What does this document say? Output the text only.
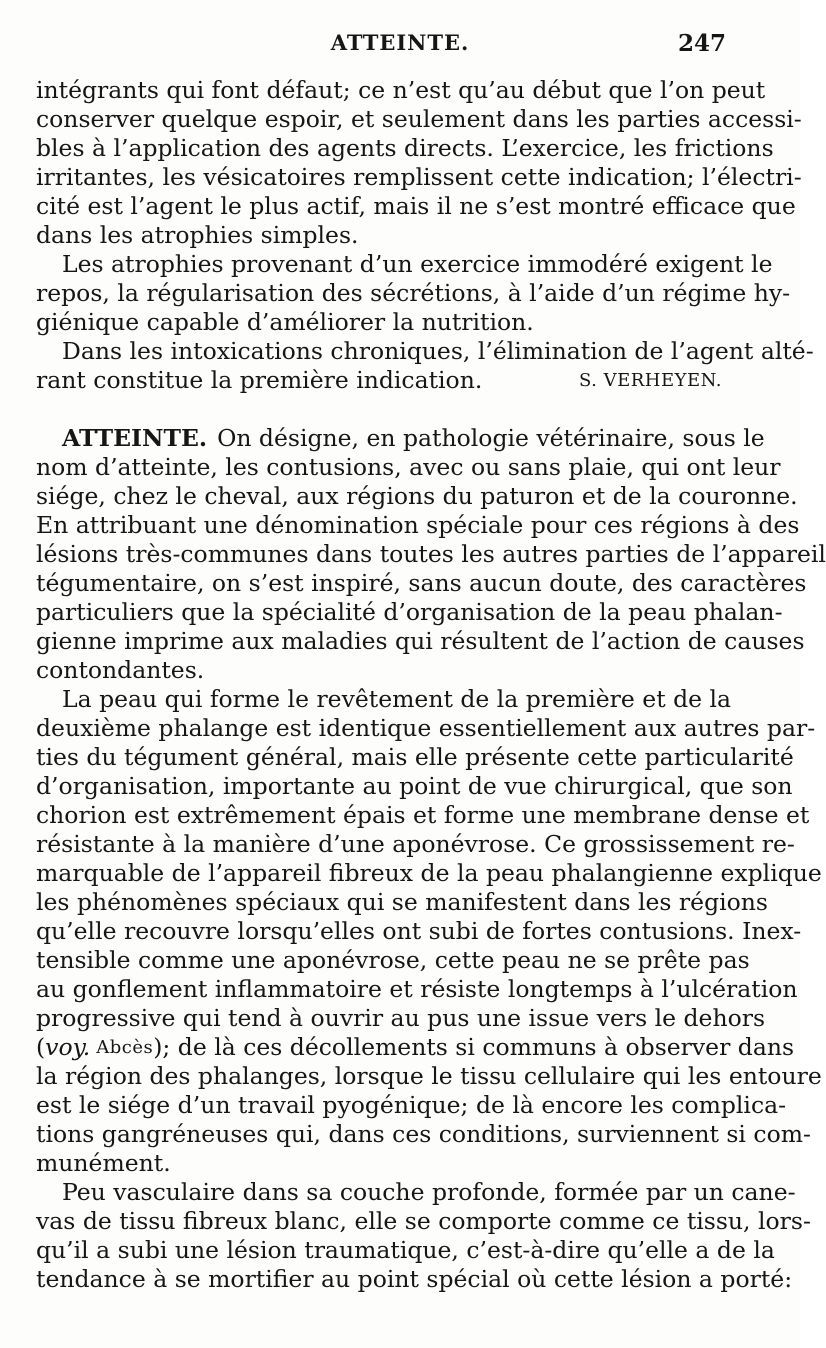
ATTEINTE.	247
intégrants qui font défaut; ce n’est qu’au début que l’on peut
conserver quelque espoir, et seulement dans les parties accessi-
bles à l’application des agents directs. L’exercice, les frictions
irritantes, les vésicatoires remplissent cette indication; l’électri-
cité est l’agent le plus actif, mais il ne s’est montré efficace que
dans les atrophies simples.
Les atrophies provenant d’un exercice immodéré exigent le
repos, la régularisation des sécrétions, à l’aide d’un régime hy-
giénique capable d’améliorer la nutrition.
Dans les intoxications chroniques, l’élimination de l’agent alté-
rant constitue la première indication.	S. VERHEYEN.
ATTEINTE. On désigne, en pathologie vétérinaire, sous le
nom d’atteinte, les contusions, avec ou sans plaie, qui ont leur
siége, chez le cheval, aux régions du paturon et de la couronne.
En attribuant une dénomination spéciale pour ces régions à des
lésions très-communes dans toutes les autres parties de l’appareil
tégumentaire, on s’est inspiré, sans aucun doute, des caractères
particuliers que la spécialité d’organisation de la peau phalan-
gienne imprime aux maladies qui résultent de l’action de causes
contondantes.
La peau qui forme le revêtement de la première et de la
deuxième phalange est identique essentiellement aux autres par-
ties du tégument général, mais elle présente cette particularité
d’organisation, importante au point de vue chirurgical, que son
chorion est extrêmement épais et forme une membrane dense et
résistante à la manière d’une aponévrose. Ce grossissement re-
marquable de l’appareil fibreux de la peau phalangienne explique
les phénomènes spéciaux qui se manifestent dans les régions
qu’elle recouvre lorsqu’elles ont subi de fortes contusions. Inex-
tensible comme une aponévrose, cette peau ne se prête pas
au gonflement inflammatoire et résiste longtemps à l’ulcération
progressive qui tend à ouvrir au pus une issue vers le dehors
( voy. Abcès ); de là ces décollements si communs à observer dans
la région des phalanges, lorsque le tissu cellulaire qui les entoure
est le siége d’un travail pyogénique; de là encore les complica-
tions gangréneuses qui, dans ces conditions, surviennent si com-
munément.
Peu vasculaire dans sa couche profonde, formée par un cane-
vas de tissu fibreux blanc, elle se comporte comme ce tissu, lors-
qu’il a subi une lésion traumatique, c’est-à-dire qu’elle a de la
tendance à se mortifier au point spécial où cette lésion a porté:
